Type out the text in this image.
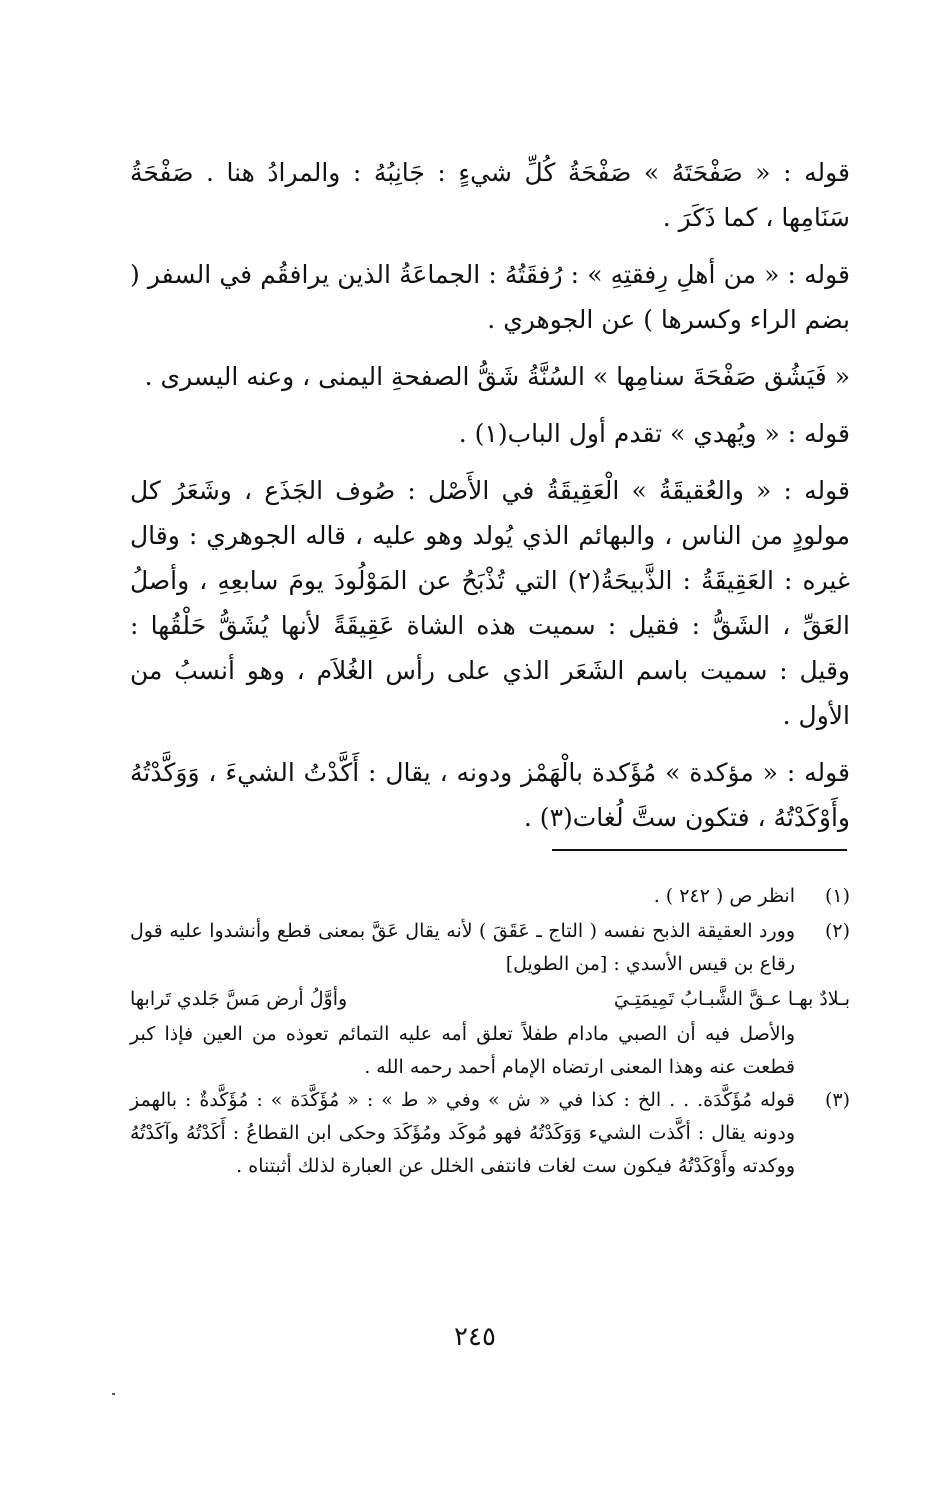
قوله : « صَفْحَتَهُ » صَفْحَةُ كُلِّ شيءٍ : جَانِبُهُ : والمرادُ هنا . صَفْحَةُ سَنَامِها ، كما ذَكَرَ .

قوله : « من أهلِ رِفقتِهِ » : رُفقَتُهُ : الجماعَةُ الذين يرافقُم في السفر ( بضم الراء وكسرها ) عن الجوهري .

« فَيَشُق صَفْحَةَ سنامِها » السُنَّةُ شَقُّ الصفحةِ اليمنى ، وعنه اليسرى .

قوله : « ويُهدي » تقدم أول الباب(١) .

قوله : « والعُقيقَةُ » الْعَقِيقَةُ في الأَصْل : صُوف الجَذَع ، وشَعَرُ كل مولودٍ من الناس ، والبهائم الذي يُولد وهو عليه ، قاله الجوهري : وقال غيره : العَقِيقَةُ : الذَّبيحَةُ(٢) التي تُذْبَحُ عن المَوْلُودَ يومَ سابعِهِ ، وأصلُ العَقِّ ، الشَقُّ : فقيل : سميت هذه الشاة عَقِيقَةً لأنها يُشَقُّ حَلْقُها : وقيل : سميت باسم الشَعَر الذي على رأس الغُلاَم ، وهو أنسبُ من الأول .

قوله : « مؤكدة » مُؤَكدة بالْهَمْز ودونه ، يقال : أَكَّدْتُ الشيءَ ، وَوَكَّدْتُهُ وأَوْكَدْتُهُ ، فتكون ستَّ لُغات(٣) .

(١)
انظر ص ( ٢٤٢ ) .
(٢)
وورد العقيقة الذبح نفسه ( التاج ـ عَقَقَ ) لأنه يقال عَقَّ بمعنى قطع وأنشدوا عليه قول رقاع بن قيس الأسدي : [من الطويل]
بـلادٌ بهـا عـقَّ الشَّبـابُ تَمِيمَتِـيَ
وأوَّلُ أرض مَسَّ جَلدي تَرابها
والأصل فيه أن الصبي مادام طفلاً تعلق أمه عليه التمائم تعوذه من العين فإذا كبر قطعت عنه وهذا المعنى ارتضاه الإمام أحمد رحمه الله .
(٣)
قوله مُؤَكَّدَة. . . الخ : كذا في « ش » وفي « ط » : « مُؤَكَّدَة » : مُؤَكَّدةٌ : بالهمز ودونه يقال : أكَّذت الشيء وَوَكَدْتُهُ فهو مُوكَد ومُؤَكَدَ وحكى ابن القطاعُ : أَكَدْتُهُ وآكَدْتُهُ ووكدته وأَوْكَدْتُهُ فيكون ست لغات فانتفى الخلل عن العبارة لذلك أثبتناه .
٢٤٥
